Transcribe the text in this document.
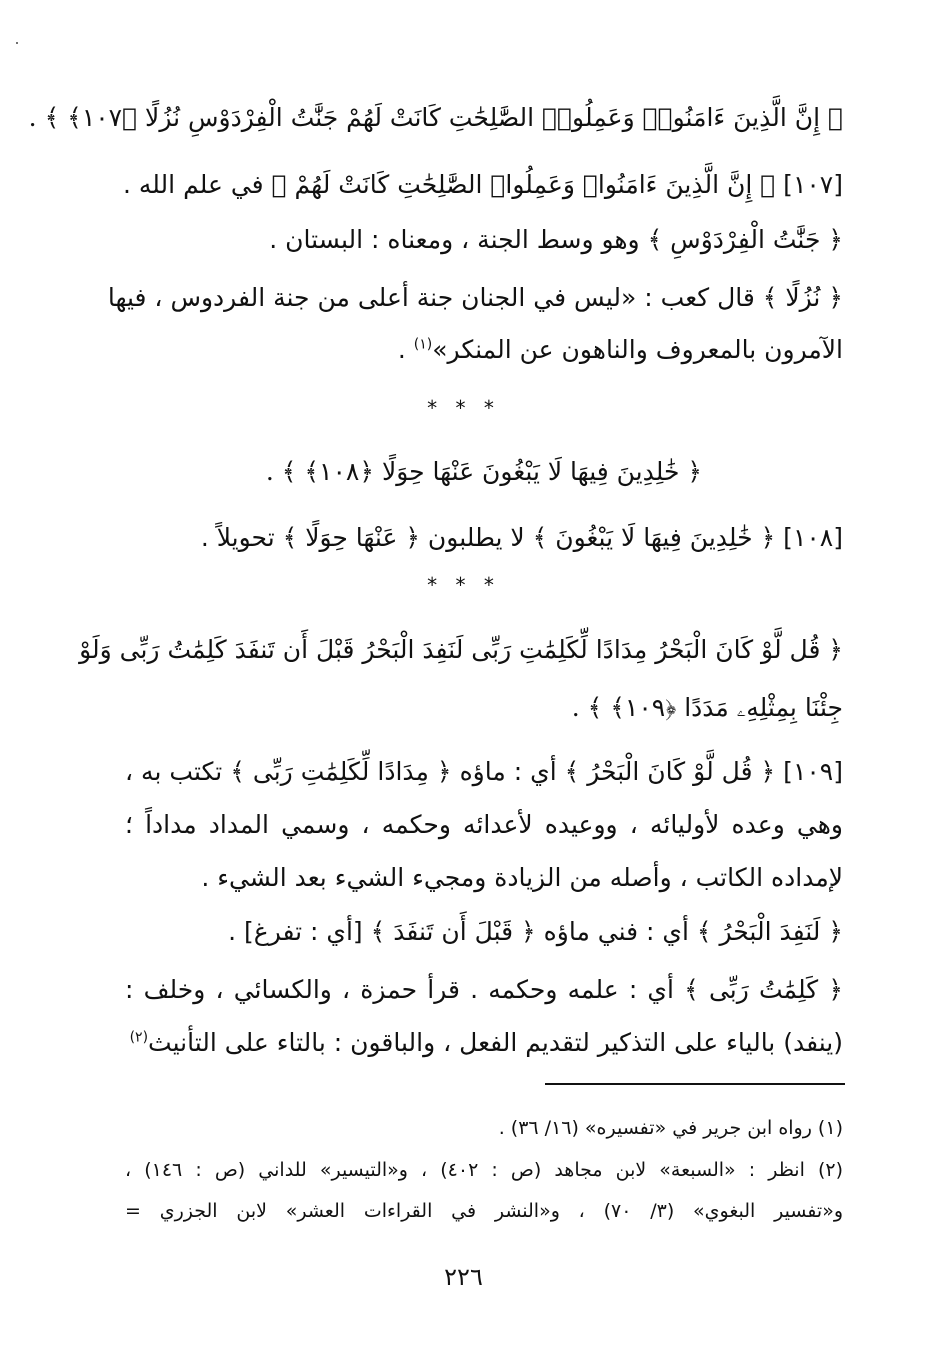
﴿ إِنَّ الَّذِينَ ءَامَنُوا۟ وَعَمِلُوا۟ الصَّٰلِحَٰتِ كَانَتْ لَهُمْ جَنَّٰتُ الْفِرْدَوْسِ نُزُلًا ﴿١٠٧﴾ ﴾ .
[١٠٧] ﴿ إِنَّ الَّذِينَ ءَامَنُوا۟ وَعَمِلُوا۟ الصَّٰلِحَٰتِ كَانَتْ لَهُمْ ﴾ في علم الله .
﴿ جَنَّٰتُ الْفِرْدَوْسِ ﴾ وهو وسط الجنة ، ومعناه : البستان .
﴿ نُزُلًا ﴾ قال كعب : «ليس في الجنان جنة أعلى من جنة الفردوس ، فيها
الآمرون بالمعروف والناهون عن المنكر»$^{(١)}$ .
* * *
﴿ خَٰلِدِينَ فِيهَا لَا يَبْغُونَ عَنْهَا حِوَلًا ﴿١٠٨﴾ ﴾ .
[١٠٨] ﴿ خَٰلِدِينَ فِيهَا لَا يَبْغُونَ ﴾ لا يطلبون ﴿ عَنْهَا حِوَلًا ﴾ تحويلاً .
* * *
﴿ قُل لَّوْ كَانَ الْبَحْرُ مِدَادًا لِّكَلِمَٰتِ رَبِّى لَنَفِدَ الْبَحْرُ قَبْلَ أَن تَنفَدَ كَلِمَٰتُ رَبِّى وَلَوْ
جِئْنَا بِمِثْلِهِۦ مَدَدًا ﴿١٠٩﴾ ﴾ .
[١٠٩] ﴿ قُل لَّوْ كَانَ الْبَحْرُ ﴾ أي : ماؤه ﴿ مِدَادًا لِّكَلِمَٰتِ رَبِّى ﴾ تكتب به ،
وهي وعده لأوليائه ، ووعيده لأعدائه وحكمه ، وسمي المداد مداداً ؛
لإمداده الكاتب ، وأصله من الزيادة ومجيء الشيء بعد الشيء .
﴿ لَنَفِدَ الْبَحْرُ ﴾ أي : فني ماؤه ﴿ قَبْلَ أَن تَنفَدَ ﴾ [أي : تفرغ] .
﴿ كَلِمَٰتُ رَبِّى ﴾ أي : علمه وحكمه . قرأ حمزة ، والكسائي ، وخلف :
(ينفد) بالياء على التذكير لتقديم الفعل ، والباقون : بالتاء على التأنيث$^{(٢)}$
(١) رواه ابن جرير في «تفسيره» (١٦/ ٣٦) .
(٢) انظر : «السبعة» لابن مجاهد (ص : ٤٠٢) ، و«التيسير» للداني (ص : ١٤٦) ،
و«تفسير البغوي» (٣/ ٧٠) ، و«النشر في القراءات العشر» لابن الجزري =
٢٢٦
